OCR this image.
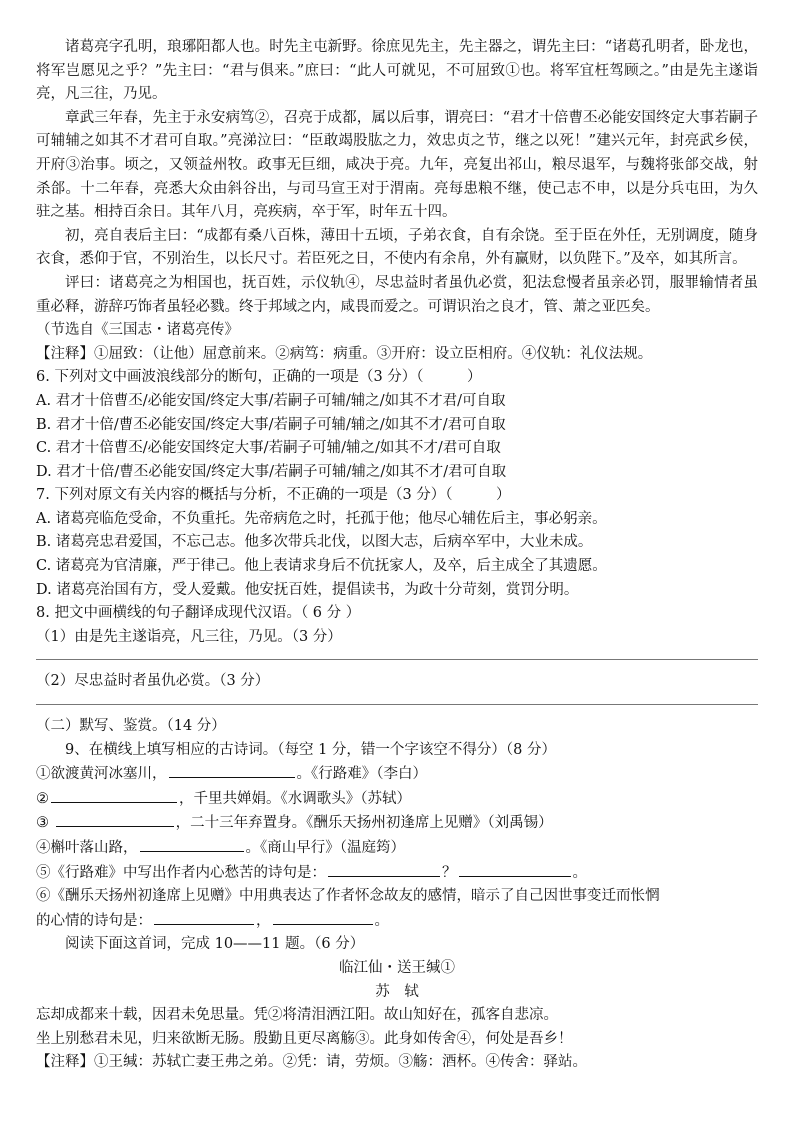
诸葛亮字孔明，琅琊阳都人也。时先主屯新野。徐庶见先主，先主器之，谓先主曰：“诸葛孔明者，卧龙也，将军岂愿见之乎？”先主曰：“君与俱来。”庶曰：“此人可就见，不可屈致①也。将军宜枉驾顾之。”由是先主遂诣亮，凡三往，乃见。

章武三年春，先主于永安病笃②，召亮于成都，属以后事，谓亮曰：“君才十倍曹丕必能安国终定大事若嗣子可辅辅之如其不才君可自取。”亮涕泣曰：“臣敢竭股肱之力，效忠贞之节，继之以死！”建兴元年，封亮武乡侯，开府③治事。顷之，又领益州牧。政事无巨细，咸决于亮。九年，亮复出祁山，粮尽退军，与魏将张郃交战，射杀郃。十二年春，亮悉大众由斜谷出，与司马宣王对于渭南。亮每患粮不继，使己志不申，以是分兵屯田，为久驻之基。相持百余日。其年八月，亮疾病，卒于军，时年五十四。

初，亮自表后主曰：“成都有桑八百株，薄田十五顷，子弟衣食，自有余饶。至于臣在外任，无别调度，随身衣食，悉仰于官，不别治生，以长尺寸。若臣死之日，不使内有余帛，外有赢财，以负陛下。”及卒，如其所言。

评曰：诸葛亮之为相国也，抚百姓，示仪轨④，尽忠益时者虽仇必赏，犯法怠慢者虽亲必罚，服罪输情者虽重必释，游辞巧饰者虽轻必戮。终于邦域之内，咸畏而爱之。可谓识治之良才，管、萧之亚匹矣。

（节选自《三国志・诸葛亮传》

【注释】①屈致：（让他）屈意前来。②病笃：病重。③开府：设立臣相府。④仪轨：礼仪法规。

6. 下列对文中画波浪线部分的断句，正确的一项是（3 分）（　　　）

A. 君才十倍曹丕/必能安国/终定大事/若嗣子可辅/辅之/如其不才君/可自取

B. 君才十倍/曹丕必能安国/终定大事/若嗣子可辅/辅之/如其不才/君可自取

C. 君才十倍曹丕/必能安国终定大事/若嗣子可辅/辅之/如其不才/君可自取

D. 君才十倍/曹丕必能安国/终定大事/若嗣子可辅/辅之/如其不才/君可自取

7. 下列对原文有关内容的概括与分析，不正确的一项是（3 分）（　　　）

A. 诸葛亮临危受命，不负重托。先帝病危之时，托孤于他；他尽心辅佐后主，事必躬亲。

B. 诸葛亮忠君爱国，不忘己志。他多次带兵北伐，以图大志，后病卒军中，大业未成。

C. 诸葛亮为官清廉，严于律己。他上表请求身后不伉抚家人，及卒，后主成全了其遗愿。

D. 诸葛亮治国有方，受人爱戴。他安抚百姓，提倡读书，为政十分苛刻，赏罚分明。

8. 把文中画横线的句子翻译成现代汉语。（ 6 分 ）

（1）由是先主遂诣亮，凡三往，乃见。（3 分）

（2）尽忠益时者虽仇必赏。（3 分）

（二）默写、鉴赏。（14 分）

9、在横线上填写相应的古诗词。（每空 1 分，错一个字该空不得分）（8 分）

①欲渡黄河冰塞川，	。《行路难》（李白）

②	，千里共婵娟。《水调歌头》（苏轼）

③	，二十三年弃置身。《酬乐天扬州初逢席上见赠》（刘禹锡）

④槲叶落山路，	。《商山早行》（温庭筠）

⑤《行路难》中写出作者内心愁苦的诗句是：	？	。

⑥《酬乐天扬州初逢席上见赠》中用典表达了作者怀念故友的感情，暗示了自己因世事变迁而怅惘

的心情的诗句是：	，	。

阅读下面这首词，完成 10——11 题。（6 分）

临江仙・送王缄①

苏　轼

忘却成都来十载，因君未免思量。凭②将清泪洒江阳。故山知好在，孤客自悲凉。

坐上别愁君未见，归来欲断无肠。殷勤且更尽离觞③。此身如传舍④，何处是吾乡！

【注释】①王缄：苏轼亡妻王弗之弟。②凭：请，劳烦。③觞：酒杯。④传舍：驿站。
